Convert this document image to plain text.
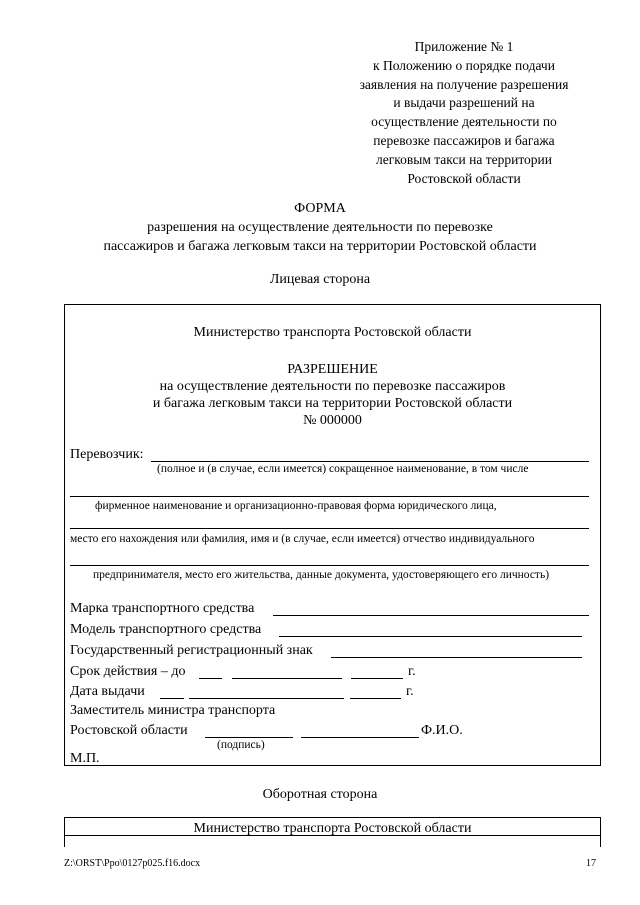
Приложение № 1
к Положению о порядке подачи
заявления на получение разрешения
и выдачи разрешений на
осуществление деятельности по
перевозке пассажиров и багажа
легковым такси на территории
Ростовской области
ФОРМА
разрешения на осуществление деятельности по перевозке
пассажиров и багажа легковым такси на территории Ростовской области
Лицевая сторона
Министерство транспорта Ростовской области
РАЗРЕШЕНИЕ
на осуществление деятельности по перевозке пассажиров
и багажа легковым такси на территории Ростовской области
№ 000000
Перевозчик:
(полное и (в случае, если имеется) сокращенное наименование, в том числе
фирменное наименование и организационно-правовая форма юридического лица,
место его нахождения или фамилия, имя и (в случае, если имеется) отчество индивидуального
предпринимателя, место его жительства, данные документа, удостоверяющего его личность)
Марка транспортного средства
Модель транспортного средства
Государственный регистрационный знак
Срок действия – до	г.
Дата выдачи	г.
Заместитель министра транспорта
Ростовской области	Ф.И.О.
(подпись)
М.П.
Оборотная сторона
Министерство транспорта Ростовской области
Z:\ORST\Ppo\0127p025.f16.docx	17
